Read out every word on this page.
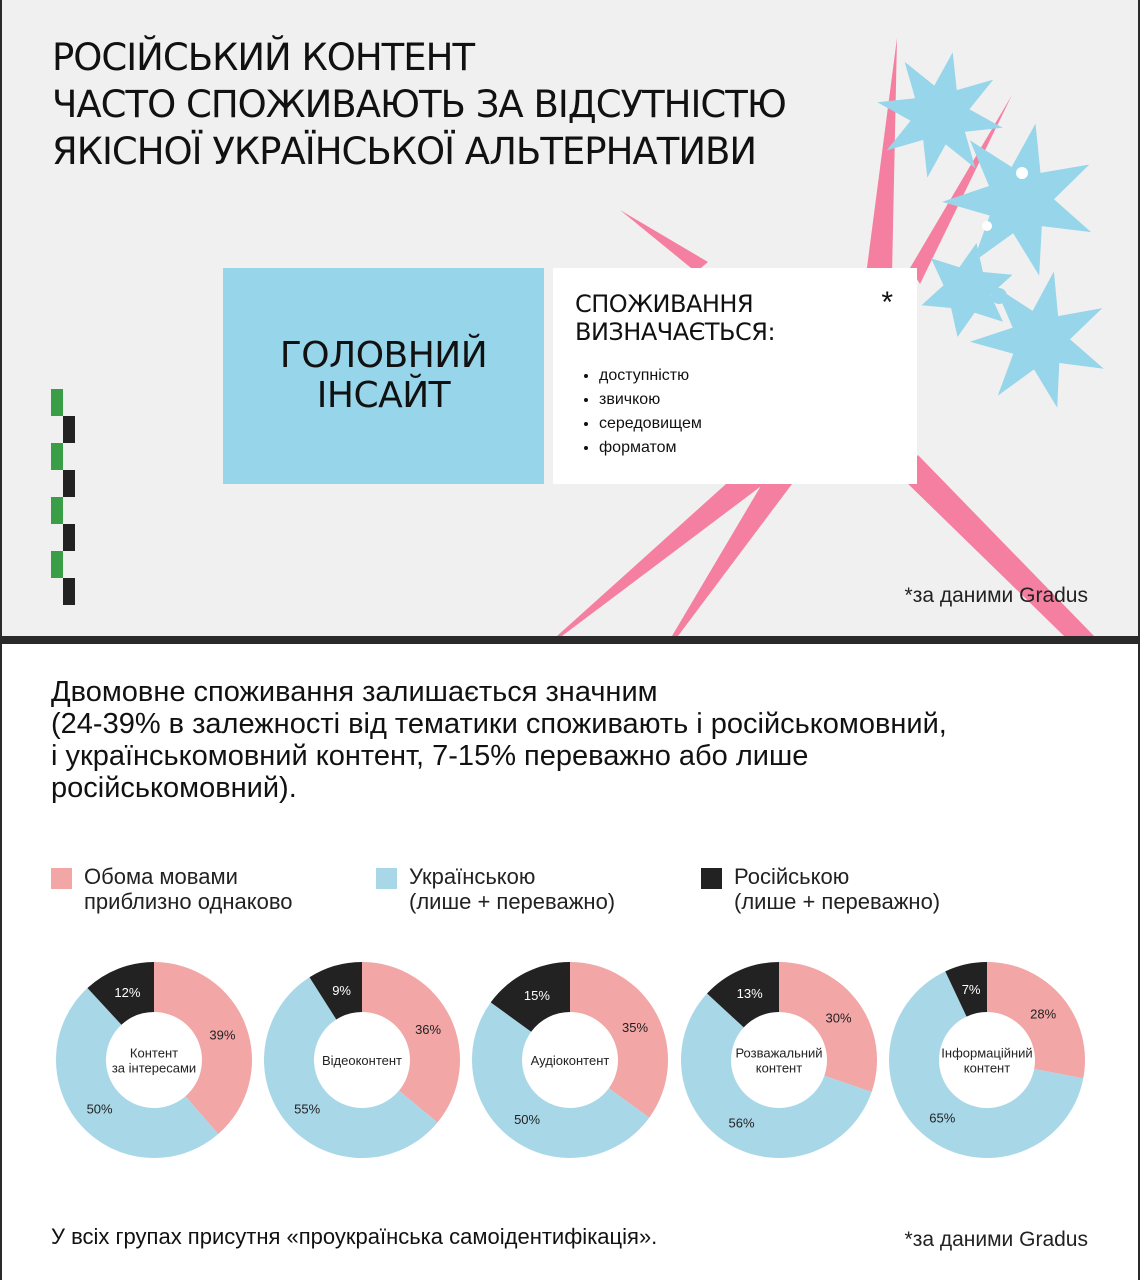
РОСІЙСЬКИЙ КОНТЕНТ
ЧАСТО СПОЖИВАЮТЬ ЗА ВІДСУТНІСТЮ
ЯКІСНОЇ УКРАЇНСЬКОЇ АЛЬТЕРНАТИВИ
ГОЛОВНИЙ
ІНСАЙТ
СПОЖИВАННЯ
ВИЗНАЧАЄТЬСЯ:
*
• доступністю
• звичкою
• середовищем
• форматом
*за даними Gradus

Двомовне споживання залишається значним
(24-39% в залежності від тематики споживають і російськомовний,
і українськомовний контент, 7-15% переважно або лише
російськомовний).

Обома мовами
приблизно однаково
Українською
(лише + переважно)
Російською
(лише + переважно)
39%
50%
12%
Контент
за інтересами
36%
55%
9%
Відеоконтент
35%
50%
15%
Аудіоконтент
30%
56%
13%
Розважальний
контент
28%
65%
7%
Інформаційний
контент
У всіх групах присутня «проукраїнська самоідентифікація».	*за даними Gradus
